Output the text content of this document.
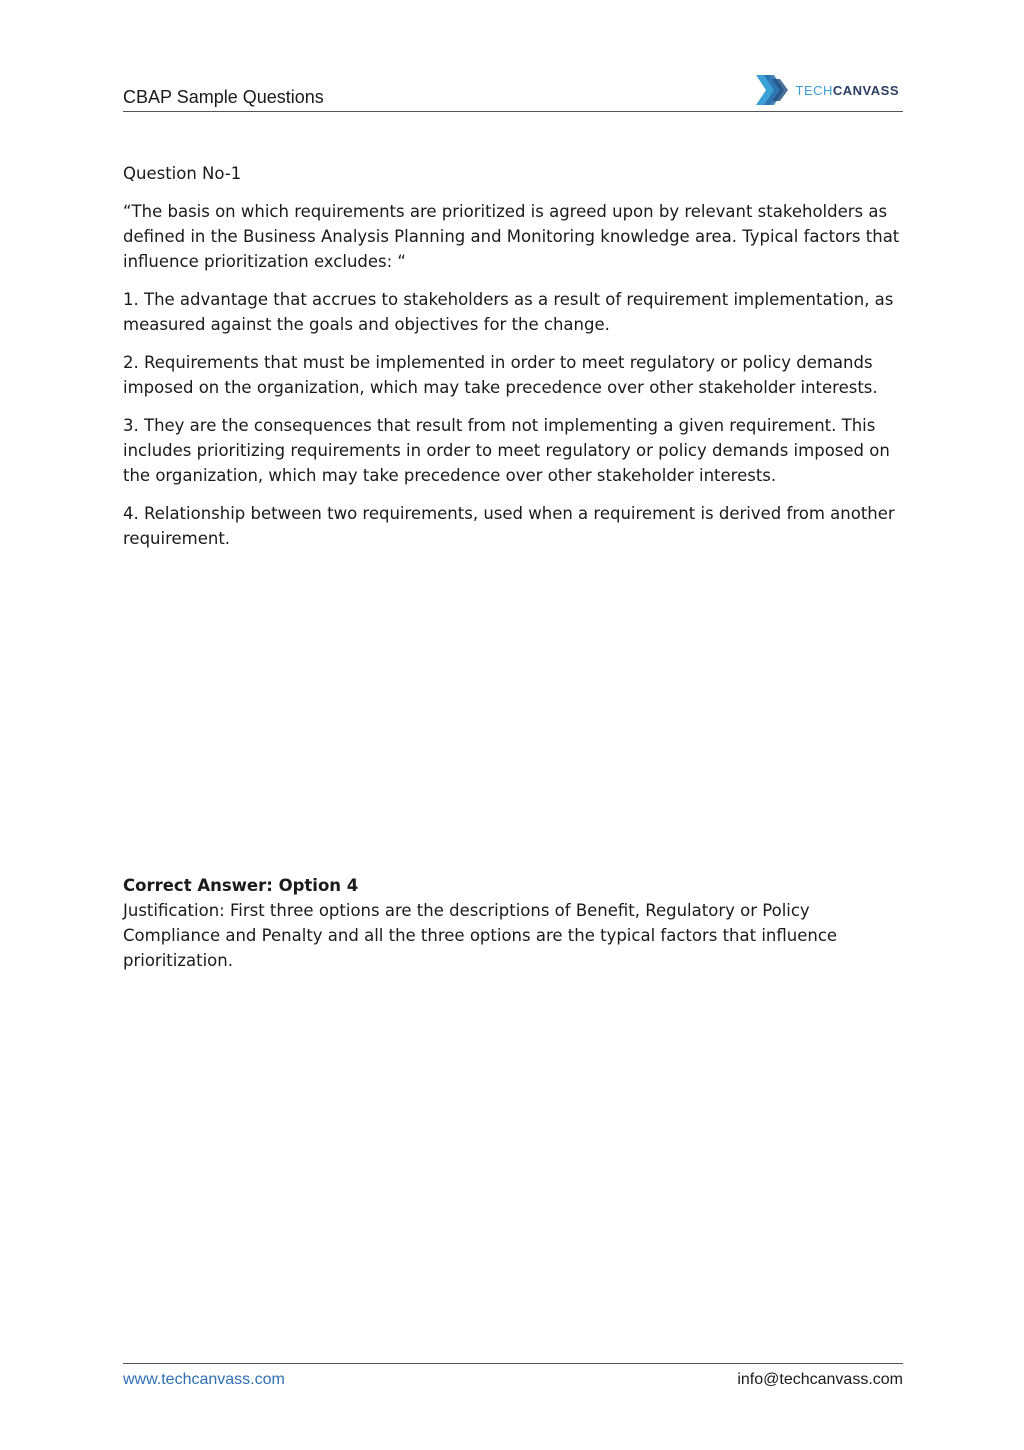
CBAP Sample Questions	TECHCANVASS

Question No-1

“The basis on which requirements are prioritized is agreed upon by relevant stakeholders as defined in the Business Analysis Planning and Monitoring knowledge area. Typical factors that influence prioritization excludes: “

1. The advantage that accrues to stakeholders as a result of requirement implementation, as measured against the goals and objectives for the change.

2. Requirements that must be implemented in order to meet regulatory or policy demands imposed on the organization, which may take precedence over other stakeholder interests.

3. They are the consequences that result from not implementing a given requirement. This includes prioritizing requirements in order to meet regulatory or policy demands imposed on the organization, which may take precedence over other stakeholder interests.

4. Relationship between two requirements, used when a requirement is derived from another requirement.

Correct Answer: Option 4

Justification: First three options are the descriptions of Benefit, Regulatory or Policy Compliance and Penalty and all the three options are the typical factors that influence prioritization.

www.techcanvass.com	info@techcanvass.com
